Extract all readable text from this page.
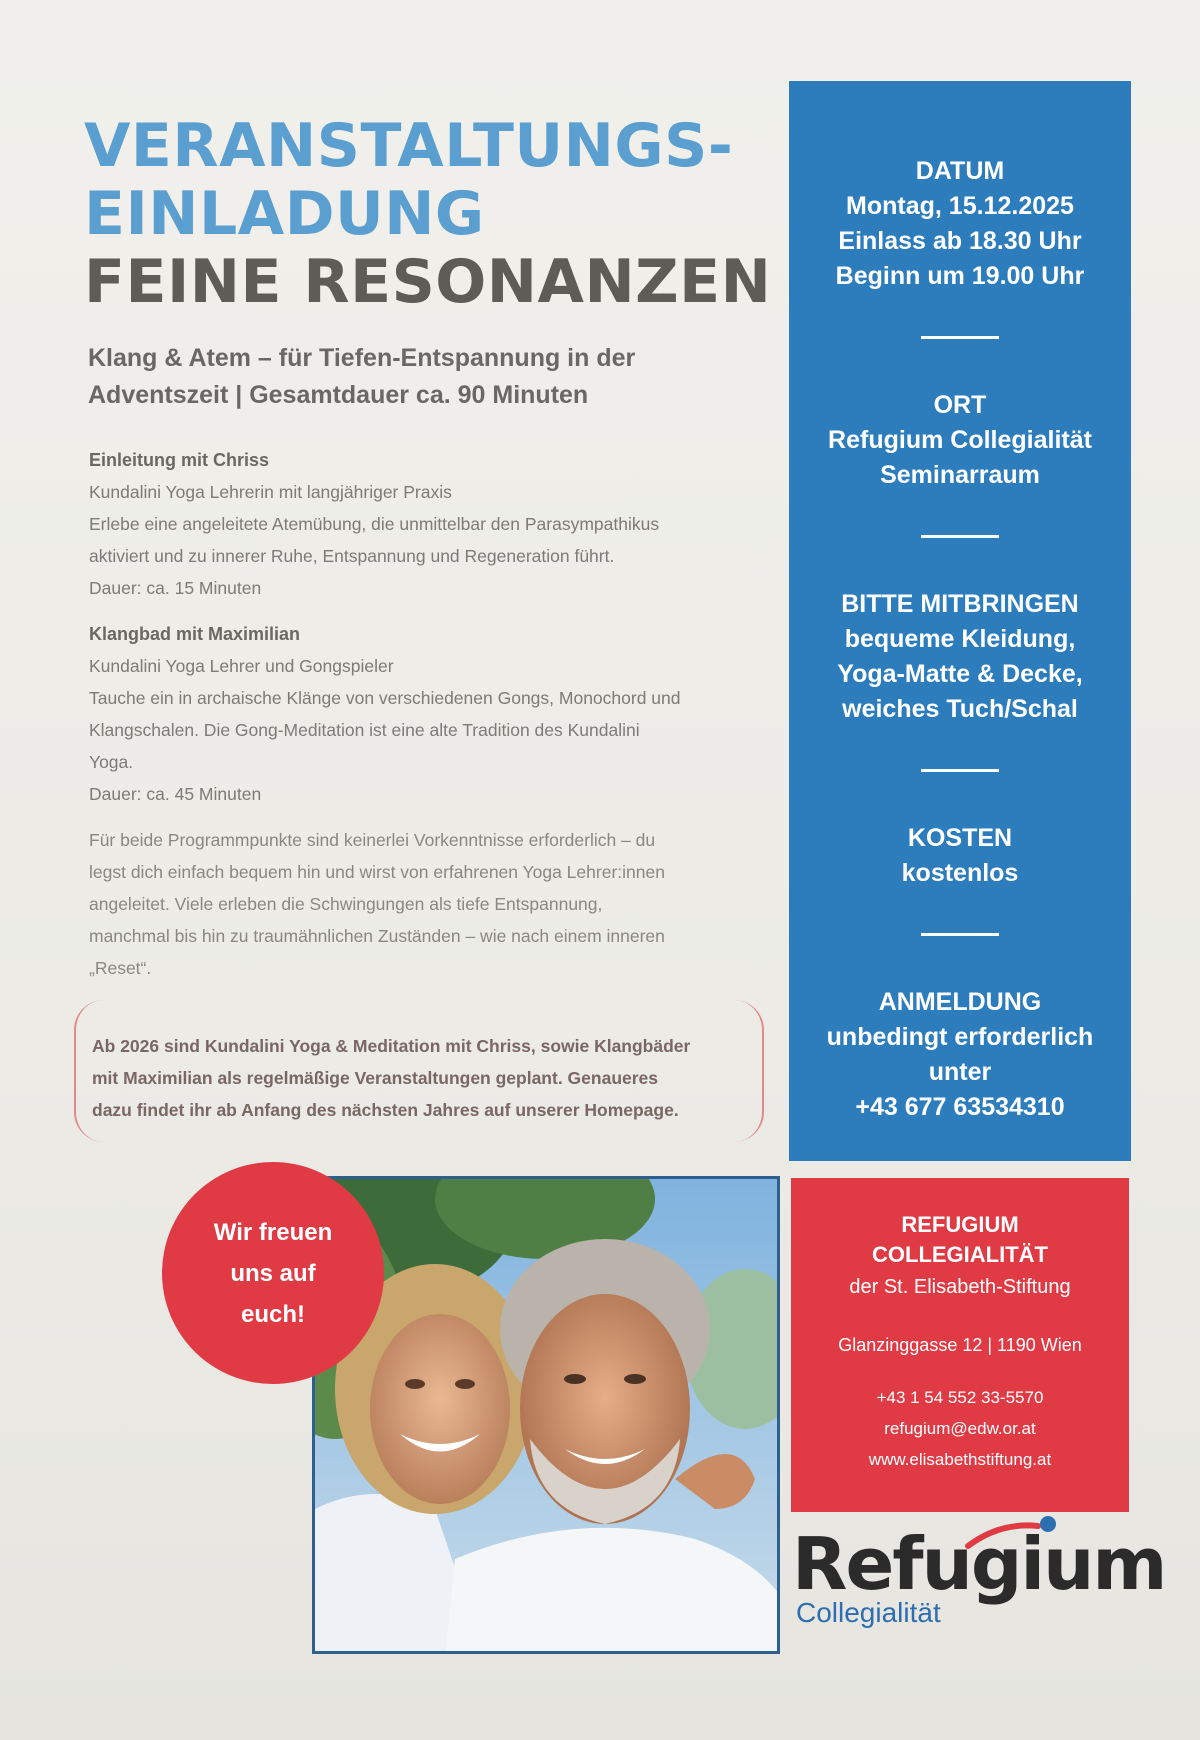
VERANSTALTUNGS-
EINLADUNG
FEINE RESONANZEN
Klang & Atem – für Tiefen-Entspannung in der
Adventszeit | Gesamtdauer ca. 90 Minuten
Einleitung mit Chriss
Kundalini Yoga Lehrerin mit langjähriger Praxis
Erlebe eine angeleitete Atemübung, die unmittelbar den Parasympathikus
aktiviert und zu innerer Ruhe, Entspannung und Regeneration führt.
Dauer: ca. 15 Minuten
Klangbad mit Maximilian
Kundalini Yoga Lehrer und Gongspieler
Tauche ein in archaische Klänge von verschiedenen Gongs, Monochord und
Klangschalen. Die Gong-Meditation ist eine alte Tradition des Kundalini
Yoga.
Dauer: ca. 45 Minuten
Für beide Programmpunkte sind keinerlei Vorkenntnisse erforderlich – du
legst dich einfach bequem hin und wirst von erfahrenen Yoga Lehrer:innen
angeleitet. Viele erleben die Schwingungen als tiefe Entspannung,
manchmal bis hin zu traumähnlichen Zuständen – wie nach einem inneren
„Reset“.
Ab 2026 sind Kundalini Yoga & Meditation mit Chriss, sowie Klangbäder
mit Maximilian als regelmäßige Veranstaltungen geplant. Genaueres
dazu findet ihr ab Anfang des nächsten Jahres auf unserer Homepage.
DATUM
Montag, 15.12.2025
Einlass ab 18.30 Uhr
Beginn um 19.00 Uhr
ORT
Refugium Collegialität
Seminarraum
BITTE MITBRINGEN
bequeme Kleidung,
Yoga-Matte & Decke,
weiches Tuch/Schal
KOSTEN
kostenlos
ANMELDUNG
unbedingt erforderlich
unter
+43 677 63534310
Wir freuen
uns auf
euch!
REFUGIUM
COLLEGIALITÄT
der St. Elisabeth-Stiftung
Glanzinggasse 12 | 1190 Wien
+43 1 54 552 33-5570
refugium@edw.or.at
www.elisabethstiftung.at
Refugium
Collegialität
